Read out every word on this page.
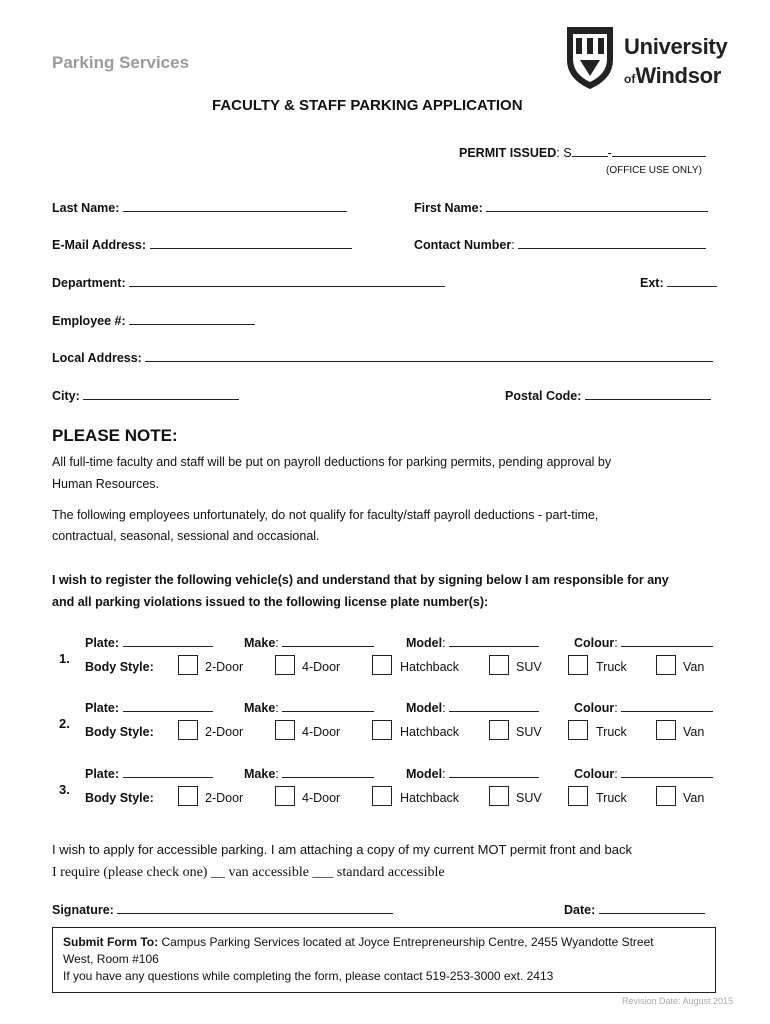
Parking Services
University
ofWindsor
FACULTY & STAFF PARKING APPLICATION
PERMIT ISSUED: S	-
(OFFICE USE ONLY)
Last Name:	First Name:
E-Mail Address:	Contact Number:
Department:	Ext:
Employee #:
Local Address:
City:	Postal Code:
PLEASE NOTE:
All full-time faculty and staff will be put on payroll deductions for parking permits, pending approval by
Human Resources.
The following employees unfortunately, do not qualify for faculty/staff payroll deductions - part-time,
contractual, seasonal, sessional and occasional.
I wish to register the following vehicle(s) and understand that by signing below I am responsible for any
and all parking violations issued to the following license plate number(s):
1.
Plate:	Make:	Model:	Colour:
Body Style:	2-Door	4-Door	Hatchback	SUV	Truck	Van
2.
Plate:	Make:	Model:	Colour:
Body Style:	2-Door	4-Door	Hatchback	SUV	Truck	Van
3.
Plate:	Make:	Model:	Colour:
Body Style:	2-Door	4-Door	Hatchback	SUV	Truck	Van
I wish to apply for accessible parking. I am attaching a copy of my current MOT permit front and back
I require (please check one) __ van accessible ___ standard accessible
Signature:	Date:
Submit Form To: Campus Parking Services located at Joyce Entrepreneurship Centre, 2455 Wyandotte Street
West, Room #106
If you have any questions while completing the form, please contact 519-253-3000 ext. 2413
Revision Date: August 2015
